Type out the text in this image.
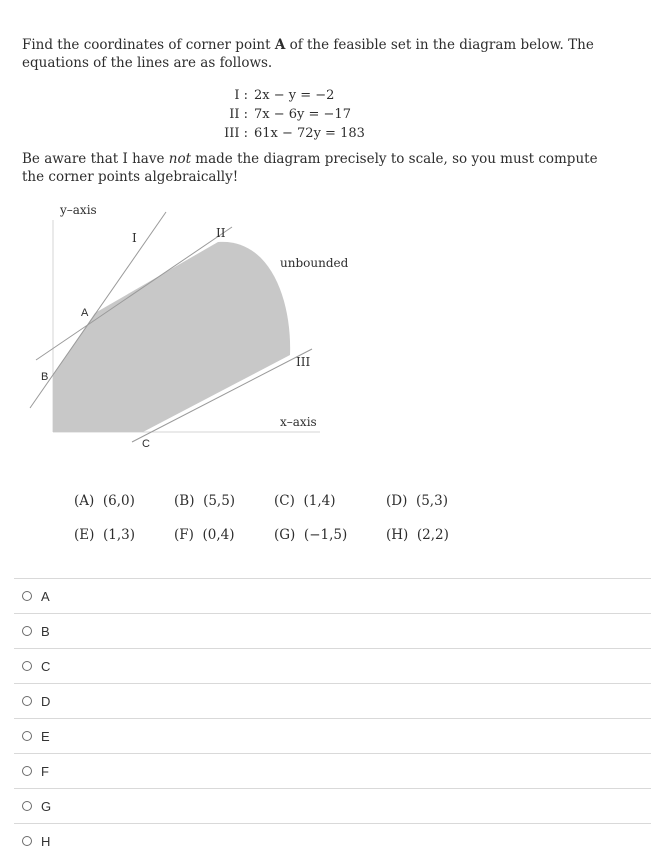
Find the coordinates of corner point A of the feasible set in the diagram below. The

equations of the lines are as follows.

I : 2x − y = −2
II : 7x − 6y = −17
III : 61x − 72y = 183
Be aware that I have not made the diagram precisely to scale, so you must compute
the corner points algebraically!
y–axis
x–axis
unbounded
I	II
III
A
B
C
(A) (6,0)	(B) (5,5)	(C) (1,4)	(D) (5,3)
(E) (1,3)	(F) (0,4)	(G) (−1,5)	(H) (2,2)
A
B
C
D
E
F
G
H
